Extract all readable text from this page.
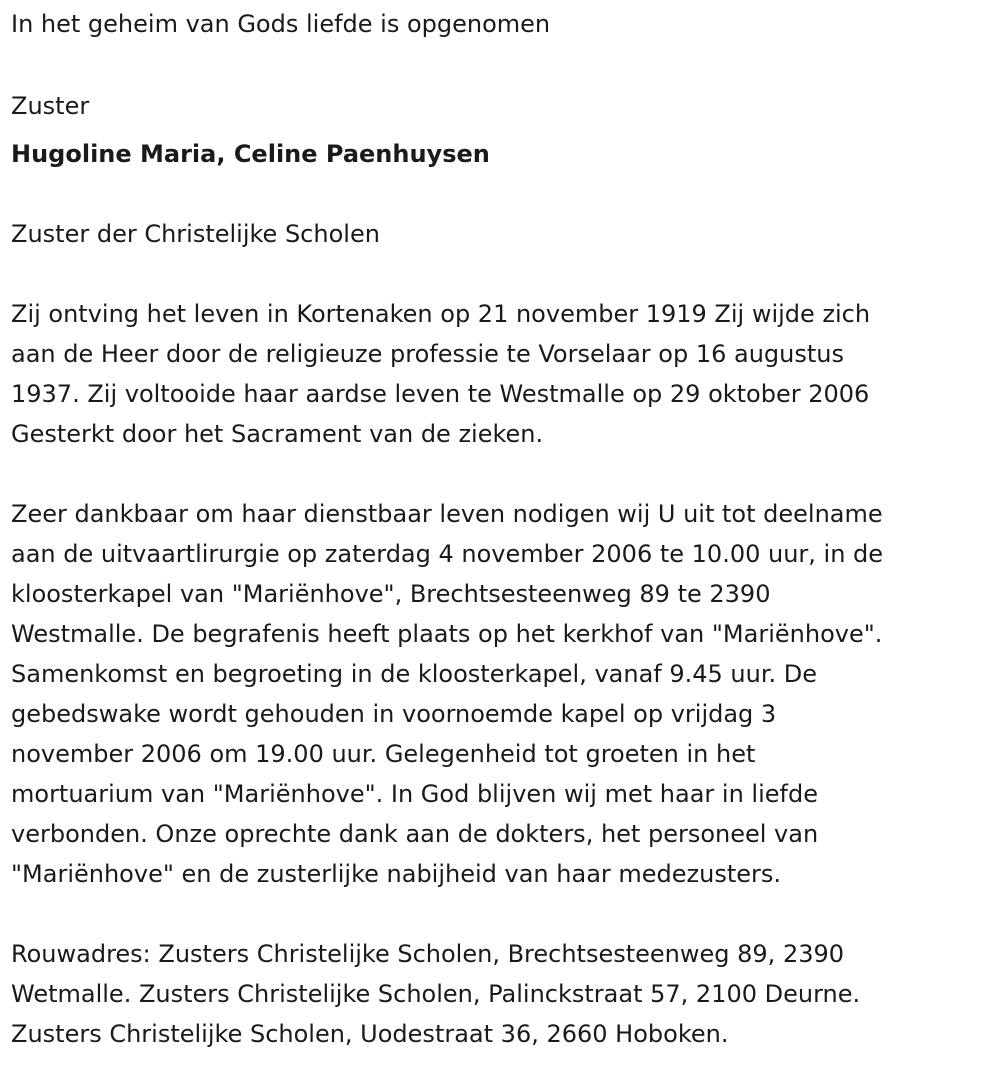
In het geheim van Gods liefde is opgenomen

Zuster

Hugoline Maria, Celine Paenhuysen

Zuster der Christelijke Scholen

Zij ontving het leven in Kortenaken op 21 november 1919 Zij wijde zich
aan de Heer door de religieuze professie te Vorselaar op 16 augustus
1937. Zij voltooide haar aardse leven te Westmalle op 29 oktober 2006
Gesterkt door het Sacrament van de zieken.

Zeer dankbaar om haar dienstbaar leven nodigen wij U uit tot deelname
aan de uitvaartlirurgie op zaterdag 4 november 2006 te 10.00 uur, in de
kloosterkapel van "Mariënhove", Brechtsesteenweg 89 te 2390
Westmalle. De begrafenis heeft plaats op het kerkhof van "Mariënhove".
Samenkomst en begroeting in de kloosterkapel, vanaf 9.45 uur. De
gebedswake wordt gehouden in voornoemde kapel op vrijdag 3
november 2006 om 19.00 uur. Gelegenheid tot groeten in het
mortuarium van "Mariënhove". In God blijven wij met haar in liefde
verbonden. Onze oprechte dank aan de dokters, het personeel van
"Mariënhove" en de zusterlijke nabijheid van haar medezusters.

Rouwadres: Zusters Christelijke Scholen, Brechtsesteenweg 89, 2390
Wetmalle. Zusters Christelijke Scholen, Palinckstraat 57, 2100 Deurne.
Zusters Christelijke Scholen, Uodestraat 36, 2660 Hoboken.
